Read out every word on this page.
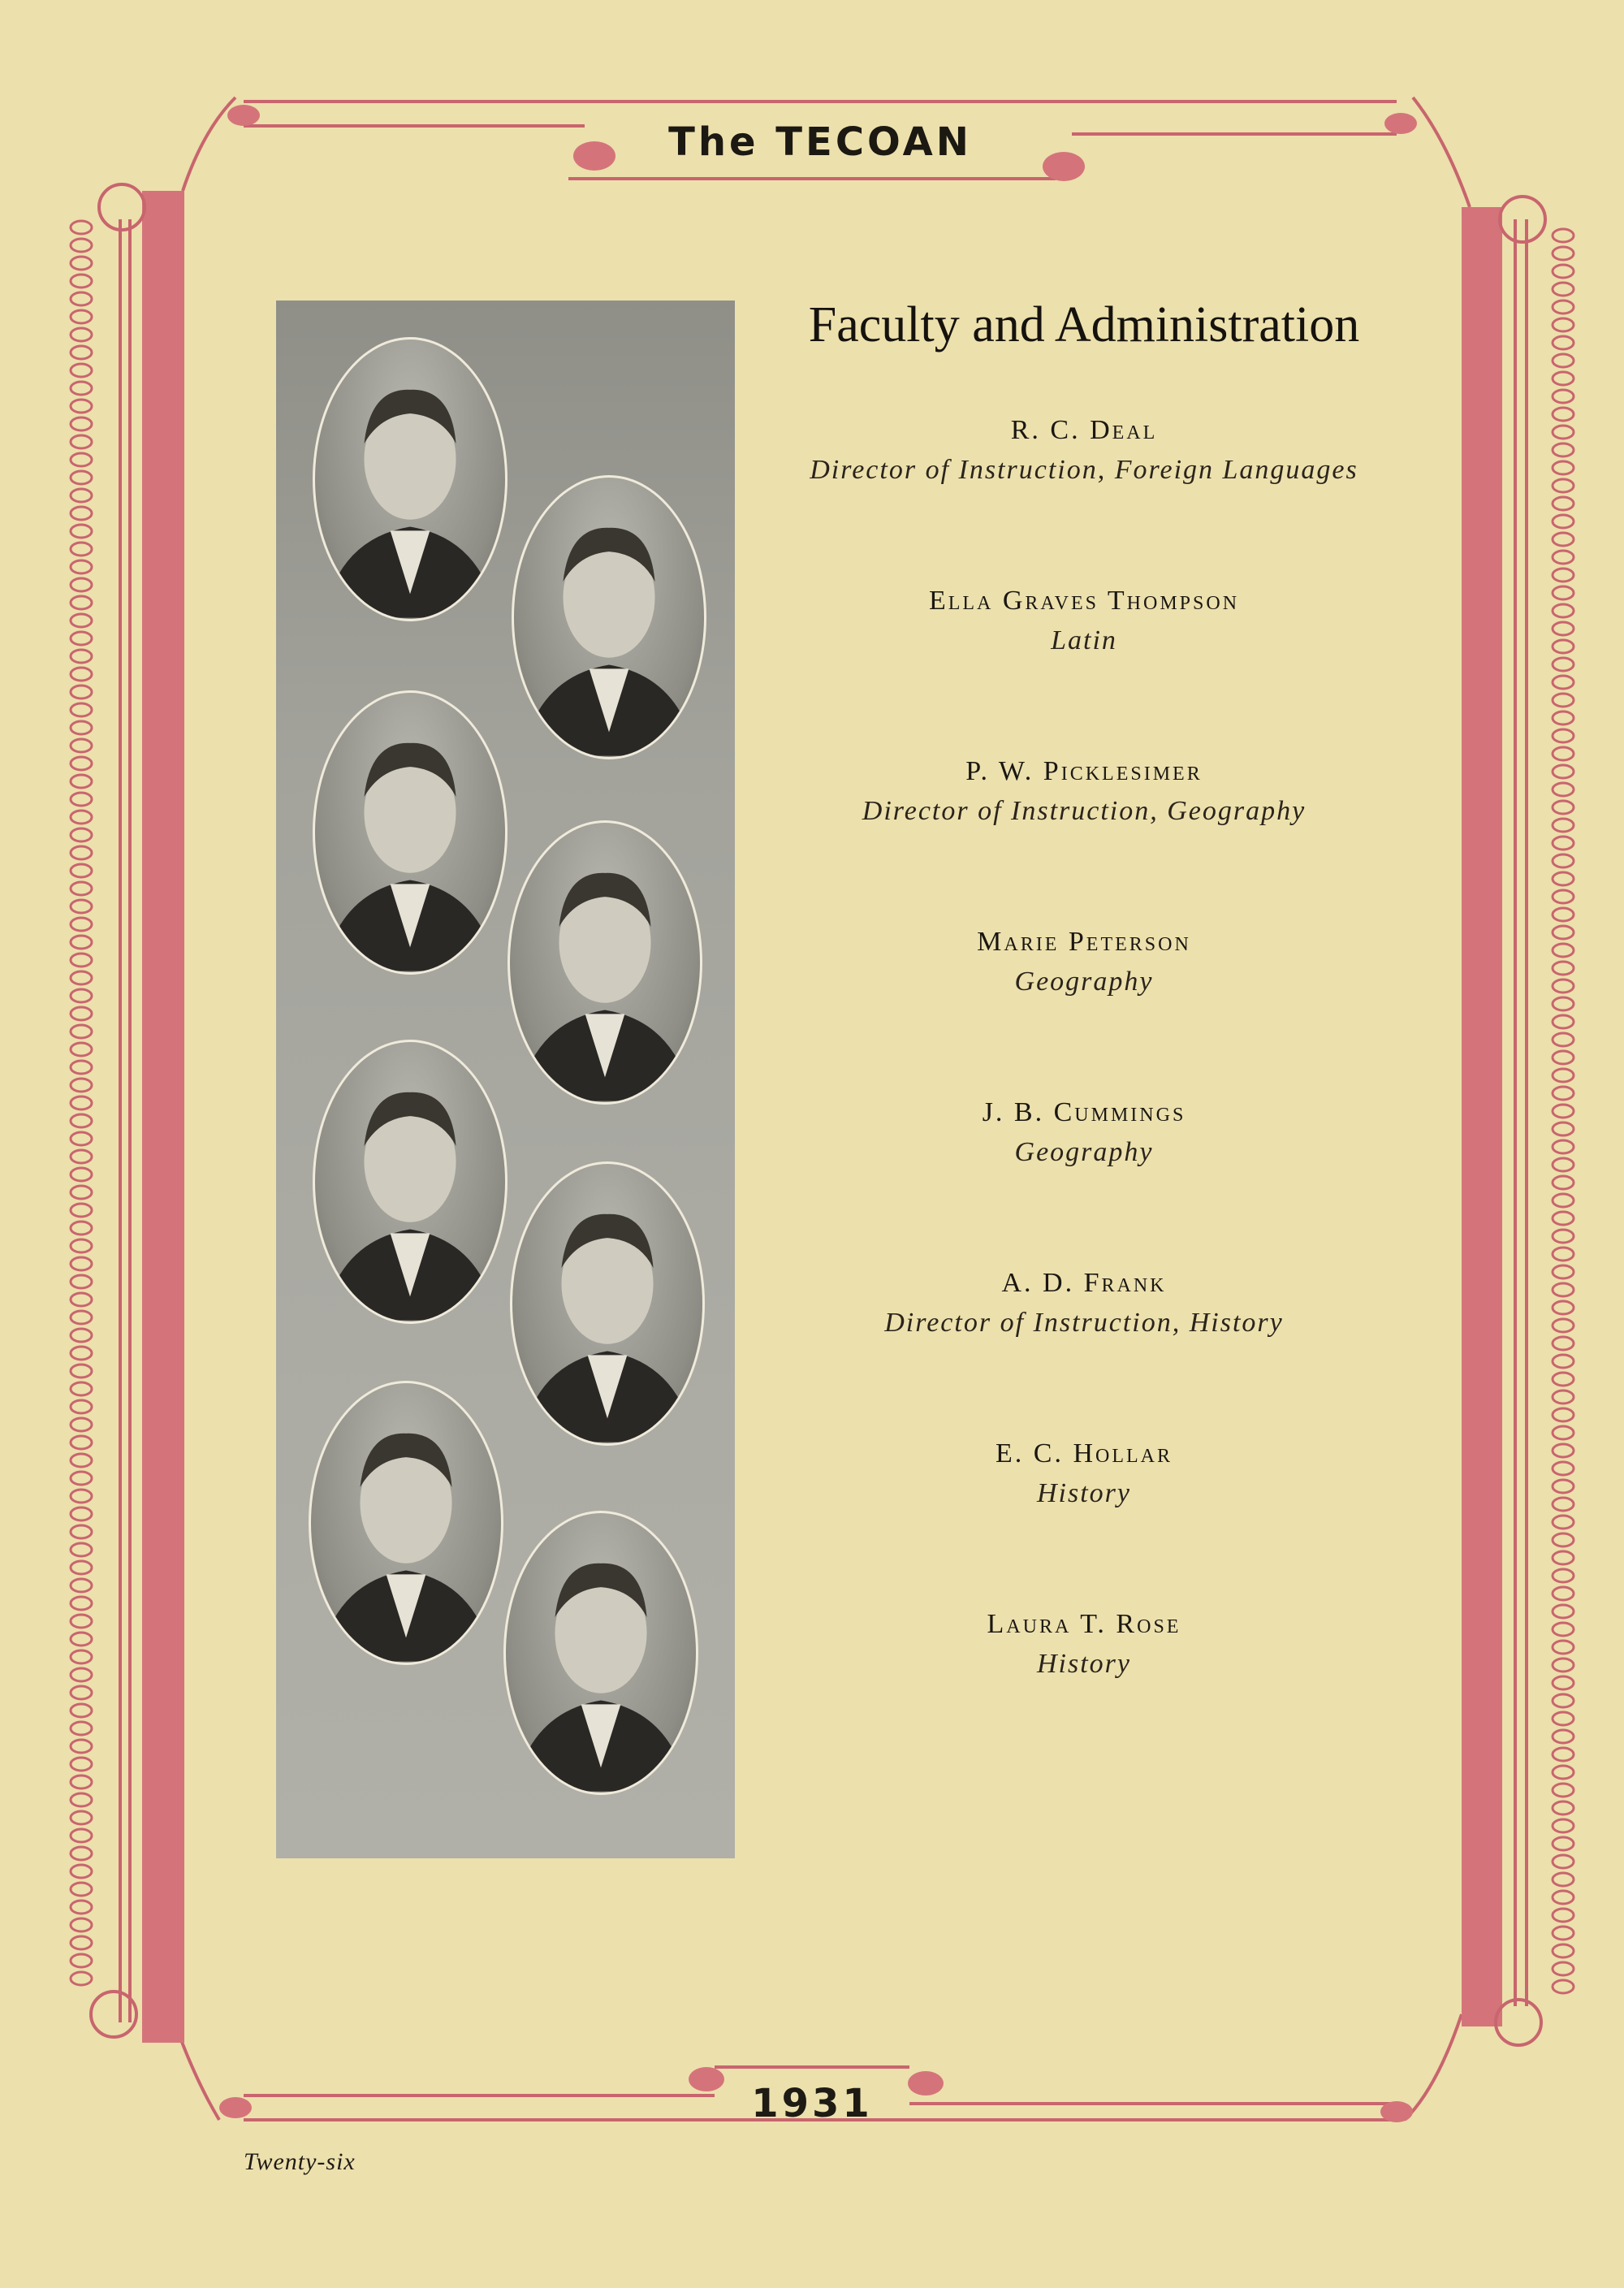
The TECOAN
Faculty and Administration
R. C. Deal
Director of Instruction, Foreign Languages
Ella Graves Thompson
Latin
P. W. Picklesimer
Director of Instruction, Geography
Marie Peterson
Geography
J. B. Cummings
Geography
A. D. Frank
Director of Instruction, History
E. C. Hollar
History
Laura T. Rose
History
1931
Twenty-six
